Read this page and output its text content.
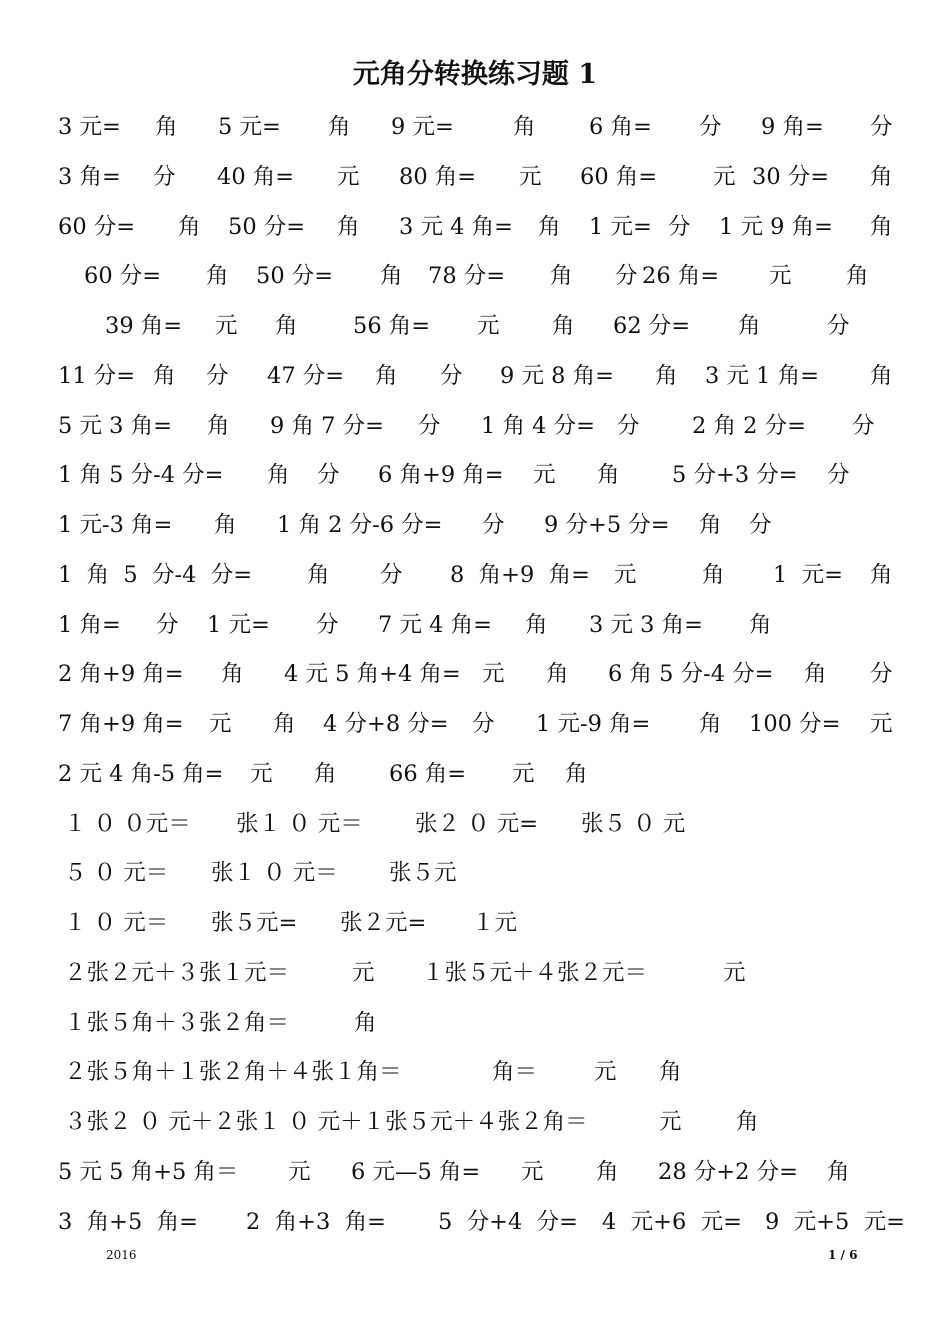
元角分转换练习题 1
3 元= 角 5 元= 角 9 元=	角 6 角= 分 9 角= 分
3 角= 分 40 角= 元 80 角= 元 60 角= 元 30 分= 角
60 分= 角 50 分= 角 3 元 4 角= 角 1 元= 分 1 元 9 角= 角
60 分= 角 50 分= 角 78 分= 角 分 26 角= 元 角
39 角= 元 角 56 角= 元 角 62 分= 角	分
11 分= 角 分 47 分= 角 分 9 元 8 角= 角 3 元 1 角= 角
5 元 3 角= 角 9 角 7 分= 分 1 角 4 分= 分 2 角 2 分= 分
1 角 5 分-4 分= 角 分 6 角+9 角= 元 角 5 分+3 分= 分
1 元-3 角= 角 1 角 2 分-6 分= 分 9 分+5 分= 角 分
1  角  5  分-4  分= 角 分 8  角+9  角= 元	角 1  元= 角
1 角= 分 1 元= 分 7 元 4 角= 角 3 元 3 角= 角
2 角+9 角= 角 4 元 5 角+4 角= 元 角 6 角 5 分-4 分= 角 分
7 角+9 角= 元 角 4 分+8 分= 分 1 元-9 角= 角 100 分= 元
2 元 4 角-5 角= 元 角 66 角= 元 角
１ ０ ０元＝ 张１ ０ 元＝ 张２ ０ 元= 张５ ０ 元
５ ０ 元＝ 张１ ０ 元＝ 张５元
１ ０ 元＝ 张５元= 张２元= １元
２张２元＋３张１元＝	元 １张５元＋４张２元＝	元
１张５角＋３张２角＝	角
２张５角＋１张２角＋４张１角＝	角＝	元 角
３张２ ０ 元＋２张１ ０ 元＋１张５元＋４张２角＝	元 角
5 元 5 角+5 角＝ 元 6 元—5 角= 元 角 28 分+2 分= 角
3  角+5  角= 2  角+3  角= 5  分+4  分= 4  元+6  元= 9  元+5  元=
2016	1 / 6
